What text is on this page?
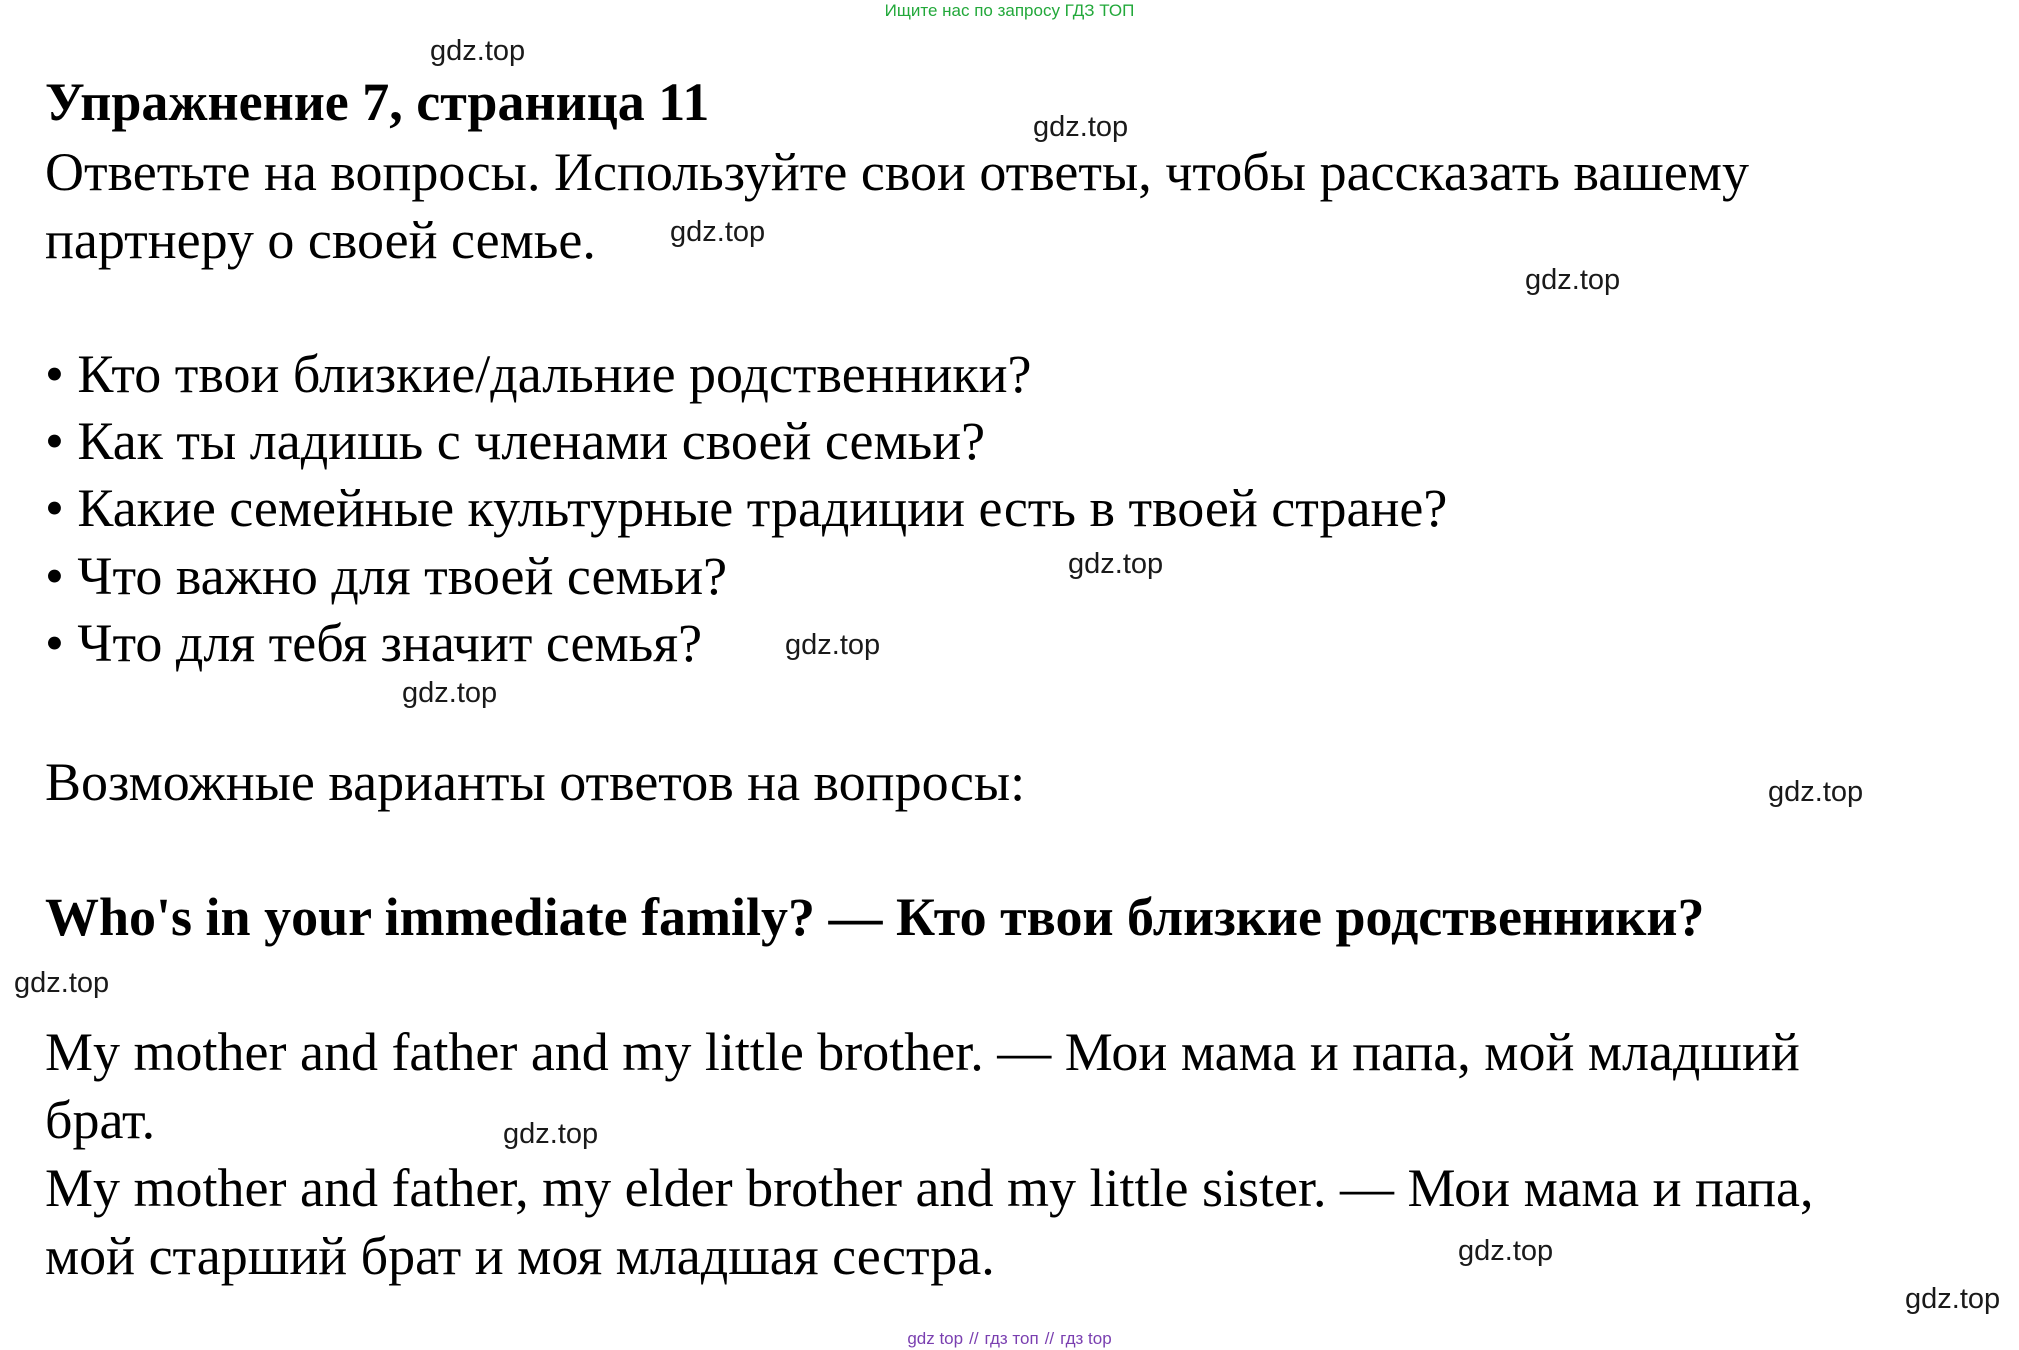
Ищите нас по запросу ГДЗ ТОП
gdz.top
gdz.top
gdz.top
gdz.top
gdz.top
gdz.top
gdz.top
gdz.top
gdz.top
gdz.top
gdz.top
gdz.top
Упражнение 7, страница 11
Ответьте на вопросы. Используйте свои ответы, чтобы рассказать вашему
партнеру о своей семье.
• Кто твои близкие/дальние родственники?
• Как ты ладишь с членами своей семьи?
• Какие семейные культурные традиции есть в твоей стране?
• Что важно для твоей семьи?
• Что для тебя значит семья?
Возможные варианты ответов на вопросы:
Who's in your immediate family? — Кто твои близкие родственники?
My mother and father and my little brother. — Мои мама и папа, мой младший
брат.
My mother and father, my elder brother and my little sister. — Мои мама и папа,
мой старший брат и моя младшая сестра.
gdz top // гдз топ // гдз top
